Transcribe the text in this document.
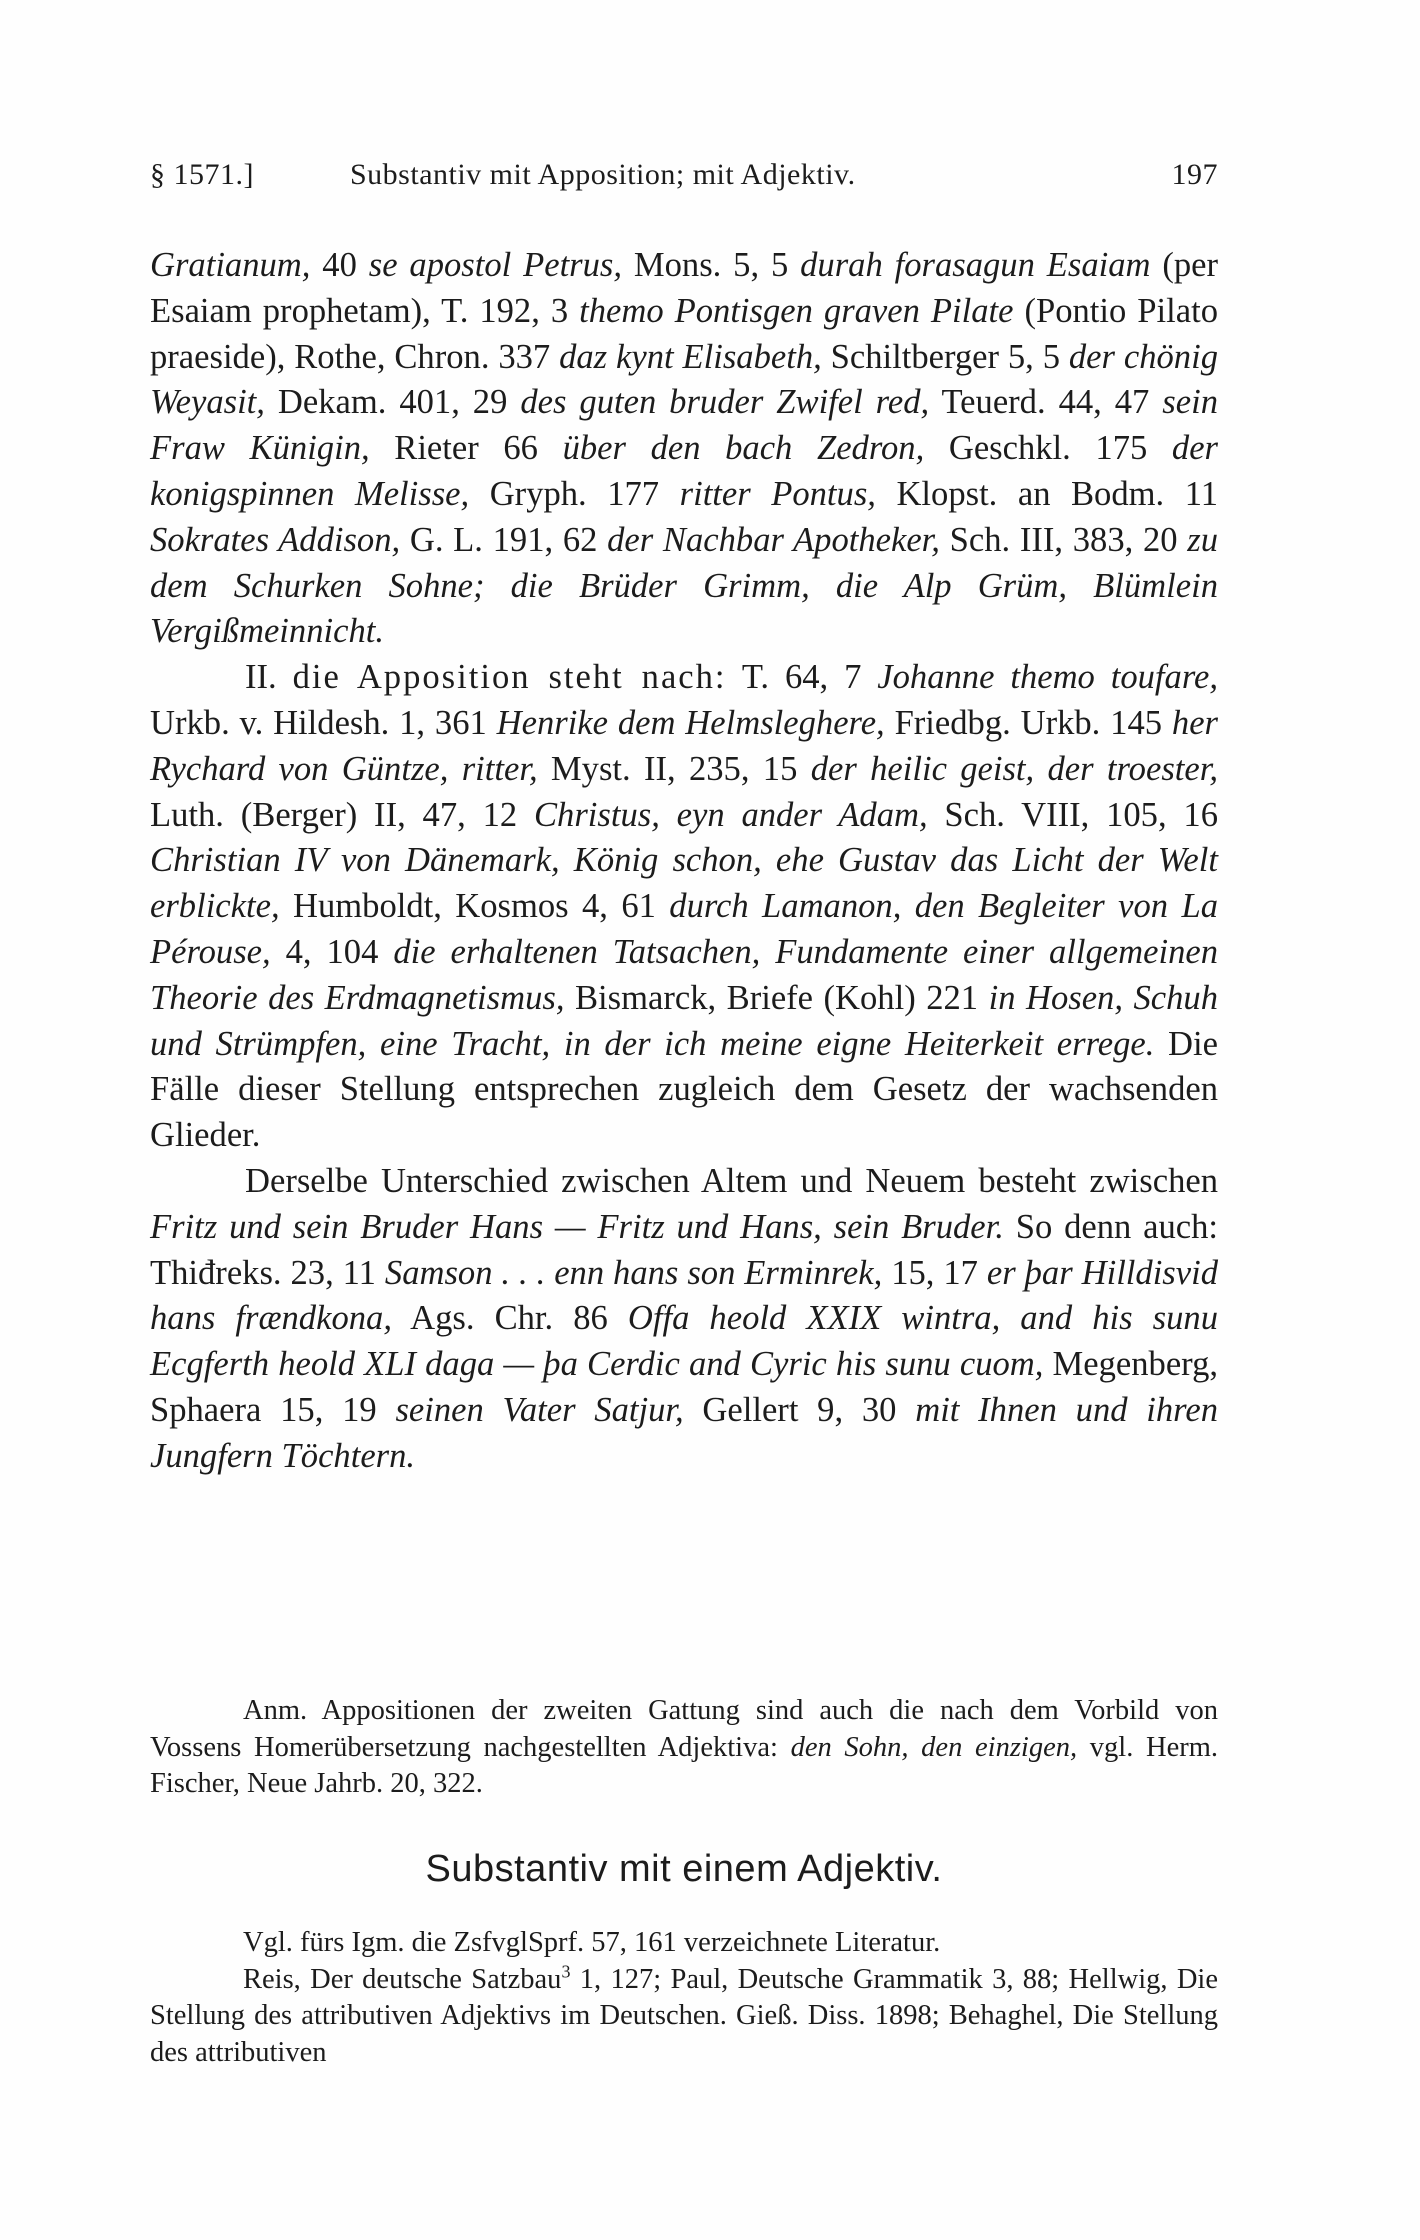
§ 1571.]	Substantiv mit Apposition; mit Adjektiv.	197

Gratianum, 40 se apostol Petrus, Mons. 5, 5 durah forasagun Esaiam (per Esaiam prophetam), T. 192, 3 themo Pontisgen graven Pilate (Pontio Pilato praeside), Rothe, Chron. 337 daz kynt Elisabeth, Schiltberger 5, 5 der chönig Weyasit, Dekam. 401, 29 des guten bruder Zwifel red, Teuerd. 44, 47 sein Fraw Künigin, Rieter 66 über den bach Zedron, Geschkl. 175 der konigspinnen Melisse, Gryph. 177 ritter Pontus, Klopst. an Bodm. 11 Sokrates Addison, G. L. 191, 62 der Nachbar Apotheker, Sch. III, 383, 20 zu dem Schurken Sohne; die Brüder Grimm, die Alp Grüm, Blümlein Vergißmeinnicht.

II. die Apposition steht nach: T. 64, 7 Johanne themo toufare, Urkb. v. Hildesh. 1, 361 Henrike dem Helmsleghere, Friedbg. Urkb. 145 her Rychard von Güntze, ritter, Myst. II, 235, 15 der heilic geist, der troester, Luth. (Berger) II, 47, 12 Christus, eyn ander Adam, Sch. VIII, 105, 16 Christian IV von Dänemark, König schon, ehe Gustav das Licht der Welt erblickte, Humboldt, Kosmos 4, 61 durch Lamanon, den Begleiter von La Pérouse, 4, 104 die erhaltenen Tatsachen, Fundamente einer allgemeinen Theorie des Erdmagnetismus, Bismarck, Briefe (Kohl) 221 in Hosen, Schuh und Strümpfen, eine Tracht, in der ich meine eigne Heiterkeit errege. Die Fälle dieser Stellung entsprechen zugleich dem Gesetz der wachsenden Glieder.

Derselbe Unterschied zwischen Altem und Neuem besteht zwischen Fritz und sein Bruder Hans — Fritz und Hans, sein Bruder. So denn auch: Thiđreks. 23, 11 Samson . . . enn hans son Erminrek, 15, 17 er þar Hilldisvid hans frændkona, Ags. Chr. 86 Offa heold XXIX wintra, and his sunu Ecgferth heold XLI daga — þa Cerdic and Cyric his sunu cuom, Megenberg, Sphaera 15, 19 seinen Vater Satjur, Gellert 9, 30 mit Ihnen und ihren Jungfern Töchtern.

Anm. Appositionen der zweiten Gattung sind auch die nach dem Vorbild von Vossens Homerübersetzung nachgestellten Adjektiva: den Sohn, den einzigen, vgl. Herm. Fischer, Neue Jahrb. 20, 322.

Substantiv mit einem Adjektiv.

Vgl. fürs Igm. die ZsfvglSprf. 57, 161 verzeichnete Literatur.

Reis, Der deutsche Satzbau$^3$ 1, 127; Paul, Deutsche Grammatik 3, 88; Hellwig, Die Stellung des attributiven Adjektivs im Deutschen. Gieß. Diss. 1898; Behaghel, Die Stellung des attributiven
